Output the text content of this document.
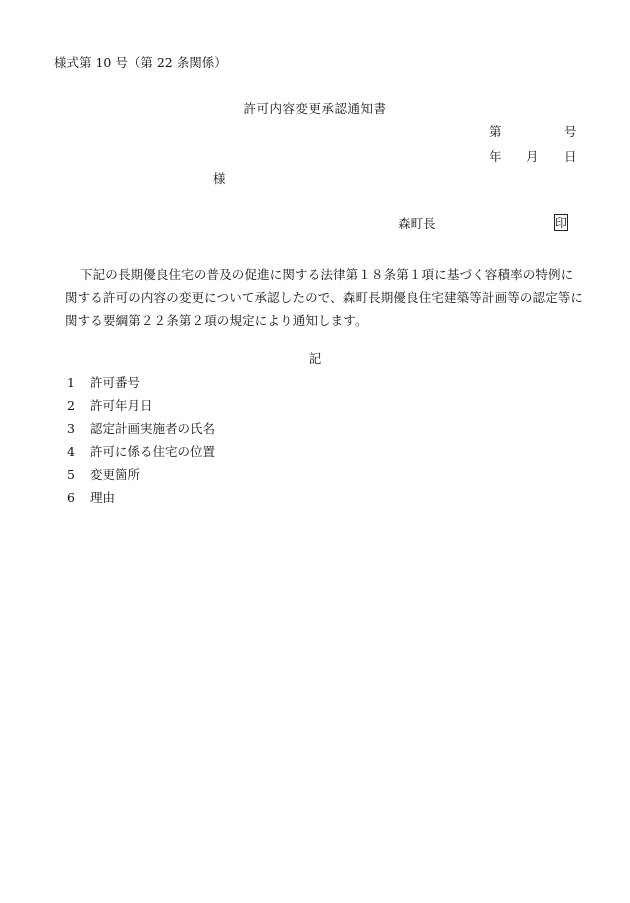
様式第 10 号（第 22 条関係）
許可内容変更承認通知書
第	号
年 月 日
様
森町長	印
下記の長期優良住宅の普及の促進に関する法律第１８条第１項に基づく容積率の特例に関する許可の内容の変更について承認したので、森町長期優良住宅建築等計画等の認定等に関する要綱第２２条第２項の規定により通知します。
記
1 許可番号
2 許可年月日
3 認定計画実施者の氏名
4 許可に係る住宅の位置
5 変更箇所
6 理由
